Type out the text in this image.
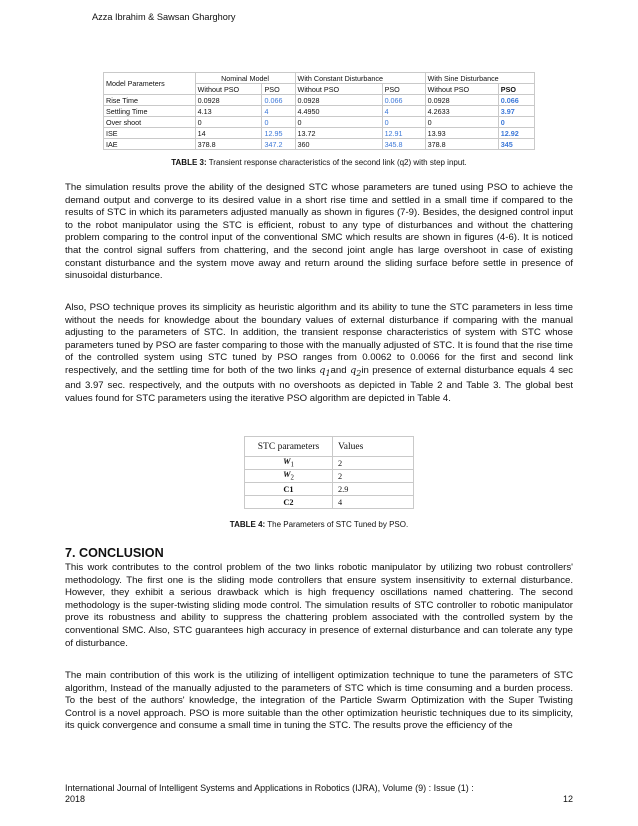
Azza Ibrahim & Sawsan Gharghory
Model Parameters	Nominal Model		With Constant Disturbance		With Sine Disturbance	
	Without PSO	PSO	Without PSO	PSO	Without PSO	PSO
Rise Time	0.0928	0.066	0.0928	0.066	0.0928	0.066
Settling Time	4.13	4	4.4950	4	4.2633	3.97
Over shoot	0	0	0	0	0	0
ISE	14	12.95	13.72	12.91	13.93	12.92
IAE	378.8	347.2	360	345.8	378.8	345
TABLE 3: Transient response characteristics of the second link (q2) with step input.
The simulation results prove the ability of the designed STC whose parameters are tuned using PSO to achieve the demand output and converge to its desired value in a short rise time and settled in a small time if compared to the results of STC in which its parameters adjusted manually as shown in figures (7-9). Besides, the designed control input to the robot manipulator using the STC is efficient, robust to any type of disturbances and without the chattering problem comparing to the control input of the conventional SMC which results are shown in figures (4-6). It is noticed that the control signal suffers from chattering, and the second joint angle has large overshoot in case of existing constant disturbance and the system move away and return around the sliding surface before settle in presence of sinusoidal disturbance.
Also, PSO technique proves its simplicity as heuristic algorithm and its ability to tune the STC parameters in less time without the needs for knowledge about the boundary values of external disturbance if comparing with the manual adjusting to the parameters of STC. In addition, the transient response characteristics of system with STC whose parameters tuned by PSO are faster comparing to those with the manually adjusted of STC. It is found that the rise time of the controlled system using STC tuned by PSO ranges from 0.0062 to 0.0066 for the first and second link respectively, and the settling time for both of the two links $q_1and$ $q_2in$ presence of external disturbance equals 4 sec and 3.97 sec. respectively, and the outputs with no overshoots as depicted in Table 2 and Table 3. The global best values found for STC parameters using the iterative PSO algorithm are depicted in Table 4.
STC parameters	Values
$W_1$	2
$W_2$	2
C1	2.9
C2	4
TABLE 4: The Parameters of STC Tuned by PSO.
7. CONCLUSION
This work contributes to the control problem of the two links robotic manipulator by utilizing two robust controllers' methodology. The first one is the sliding mode controllers that ensure system insensitivity to external disturbance. However, they exhibit a serious drawback which is high frequency oscillations named chattering. The second methodology is the super-twisting sliding mode control. The simulation results of STC controller to robotic manipulator prove its robustness and ability to suppress the chattering problem associated with the controlled system by the conventional SMC. Also, STC guarantees high accuracy in presence of external disturbance and can tolerate any type of disturbance.
The main contribution of this work is the utilizing of intelligent optimization technique to tune the parameters of STC algorithm, Instead of the manually adjusted to the parameters of STC which is time consuming and a burden process. To the best of the authors' knowledge, the integration of the Particle Swarm Optimization with the Super Twisting Control is a novel approach. PSO is more suitable than the other optimization heuristic techniques due to its simplicity, its quick convergence and consume a small time in tuning the STC. The results prove the efficiency of the
International Journal of Intelligent Systems and Applications in Robotics (IJRA), Volume (9) : Issue (1) :
2018	12
